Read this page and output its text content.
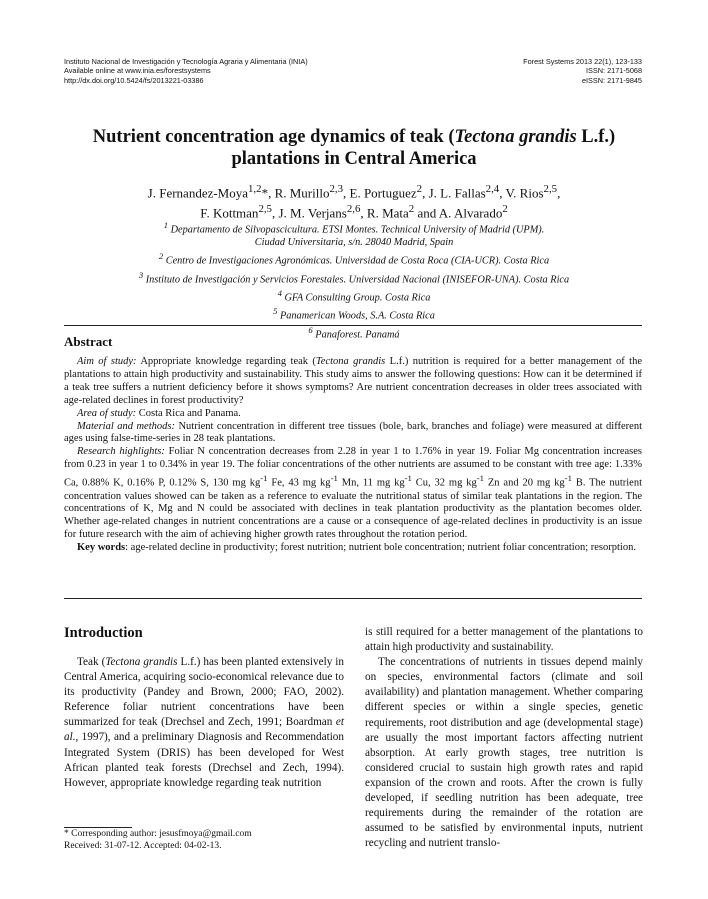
Instituto Nacional de Investigación y Tecnología Agraria y Alimentaria (INIA)
Available online at www.inia.es/forestsystems
http://dx.doi.org/10.5424/fs/2013221-03386
Forest Systems 2013 22(1), 123-133
ISSN: 2171-5068
eISSN: 2171-9845
Nutrient concentration age dynamics of teak (Tectona grandis L.f.)
plantations in Central America
J. Fernandez-Moya$^{1,2}$*, R. Murillo$^{2,3}$, E. Portuguez$^2$, J. L. Fallas$^{2,4}$, V. Rios$^{2,5}$,
F. Kottman$^{2,5}$, J. M. Verjans$^{2,6}$, R. Mata$^2$ and A. Alvarado$^2$
$^1$ Departamento de Silvopascicultura. ETSI Montes. Technical University of Madrid (UPM).
Ciudad Universitaria, s/n. 28040 Madrid, Spain
$^2$ Centro de Investigaciones Agronómicas. Universidad de Costa Roca (CIA-UCR). Costa Rica
$^3$ Instituto de Investigación y Servicios Forestales. Universidad Nacional (INISEFOR-UNA). Costa Rica
$^4$ GFA Consulting Group. Costa Rica
$^5$ Panamerican Woods, S.A. Costa Rica
$^6$ Panaforest. Panamá
Abstract

Aim of study: Appropriate knowledge regarding teak (Tectona grandis L.f.) nutrition is required for a better management of the plantations to attain high productivity and sustainability. This study aims to answer the following questions: How can it be determined if a teak tree suffers a nutrient deficiency before it shows symptoms? Are nutrient concentration decreases in older trees associated with age-related declines in forest productivity?

Area of study: Costa Rica and Panama.

Material and methods: Nutrient concentration in different tree tissues (bole, bark, branches and foliage) were measured at different ages using false-time-series in 28 teak plantations.

Research highlights: Foliar N concentration decreases from 2.28 in year 1 to 1.76% in year 19. Foliar Mg concentration increases from 0.23 in year 1 to 0.34% in year 19. The foliar concentrations of the other nutrients are assumed to be constant with tree age: 1.33% Ca, 0.88% K, 0.16% P, 0.12% S, 130 mg $kg^{-1}$ Fe, 43 mg $kg^{-1}$ Mn, 11 mg $kg^{-1}$ Cu, 32 mg $kg^{-1}$ Zn and 20 mg $kg^{-1}$ B. The nutrient concentration values showed can be taken as a reference to evaluate the nutritional status of similar teak plantations in the region. The concentrations of K, Mg and N could be associated with declines in teak plantation productivity as the plantation becomes older. Whether age-related changes in nutrient concentrations are a cause or a consequence of age-related declines in productivity is an issue for future research with the aim of achieving higher growth rates throughout the rotation period.

Key words: age-related decline in productivity; forest nutrition; nutrient bole concentration; nutrient foliar concentration; resorption.

Introduction

Teak (Tectona grandis L.f.) has been planted extensively in Central America, acquiring socio-economical relevance due to its productivity (Pandey and Brown, 2000; FAO, 2002). Reference foliar nutrient concentrations have been summarized for teak (Drechsel and Zech, 1991; Boardman et al., 1997), and a preliminary Diagnosis and Recommendation Integrated System (DRIS) has been developed for West African planted teak forests (Drechsel and Zech, 1994). However, appropriate knowledge regarding teak nutrition

is still required for a better management of the plantations to attain high productivity and sustainability.

The concentrations of nutrients in tissues depend mainly on species, environmental factors (climate and soil availability) and plantation management. Whether comparing different species or within a single species, genetic requirements, root distribution and age (developmental stage) are usually the most important factors affecting nutrient absorption. At early growth stages, tree nutrition is considered crucial to sustain high growth rates and rapid expansion of the crown and roots. After the crown is fully developed, if seedling nutrition has been adequate, tree requirements during the remainder of the rotation are assumed to be satisfied by environmental inputs, nutrient recycling and nutrient translo-

* Corresponding author: jesusfmoya@gmail.com
Received: 31-07-12. Accepted: 04-02-13.
